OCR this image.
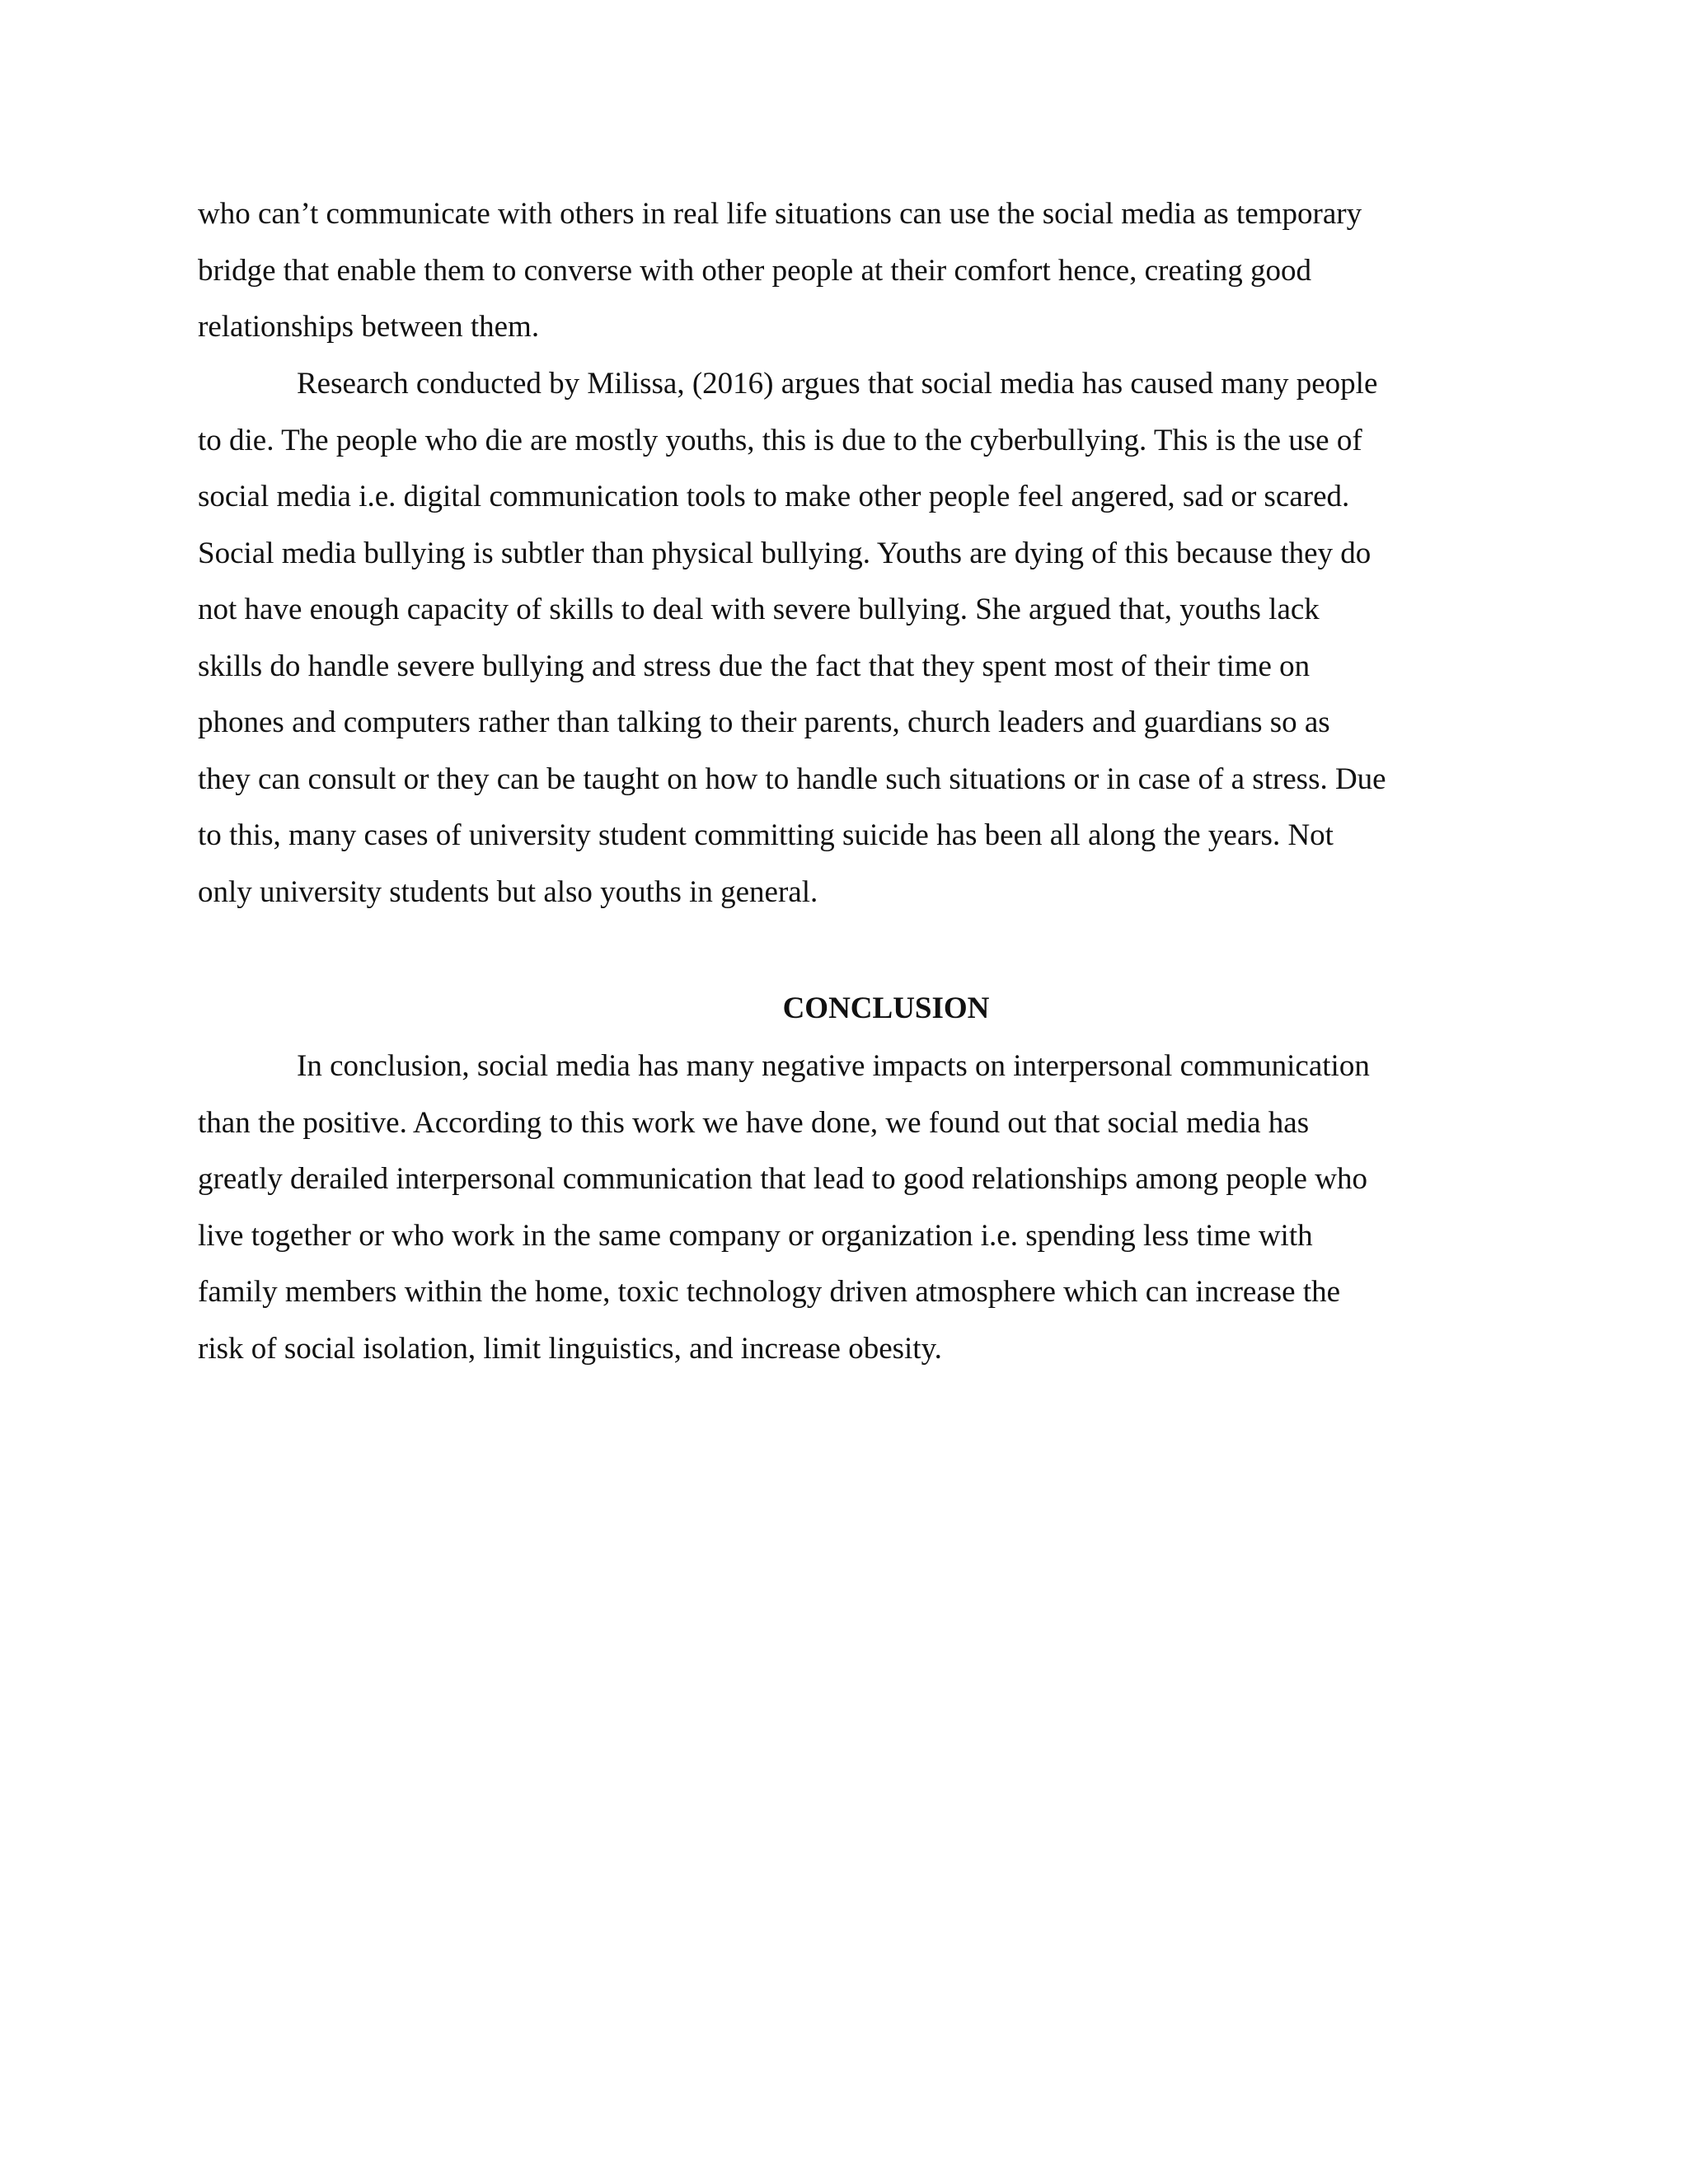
who can’t communicate with others in real life situations can use the social media as temporary
bridge that enable them to converse with other people at their comfort hence, creating good
relationships between them.
Research conducted by Milissa, (2016) argues that social media has caused many people
to die. The people who die are mostly youths, this is due to the cyberbullying. This is the use of
social media i.e. digital communication tools to make other people feel angered, sad or scared.
Social media bullying is subtler than physical bullying. Youths are dying of this because they do
not have enough capacity of skills to deal with severe bullying. She argued that, youths lack
skills do handle severe bullying and stress due the fact that they spent most of their time on
phones and computers rather than talking to their parents, church leaders and guardians so as
they can consult or they can be taught on how to handle such situations or in case of a stress. Due
to this, many cases of university student committing suicide has been all along the years. Not
only university students but also youths in general.
CONCLUSION
In conclusion, social media has many negative impacts on interpersonal communication
than the positive. According to this work we have done, we found out that social media has
greatly derailed interpersonal communication that lead to good relationships among people who
live together or who work in the same company or organization i.e. spending less time with
family members within the home, toxic technology driven atmosphere which can increase the
risk of social isolation, limit linguistics, and increase obesity.
